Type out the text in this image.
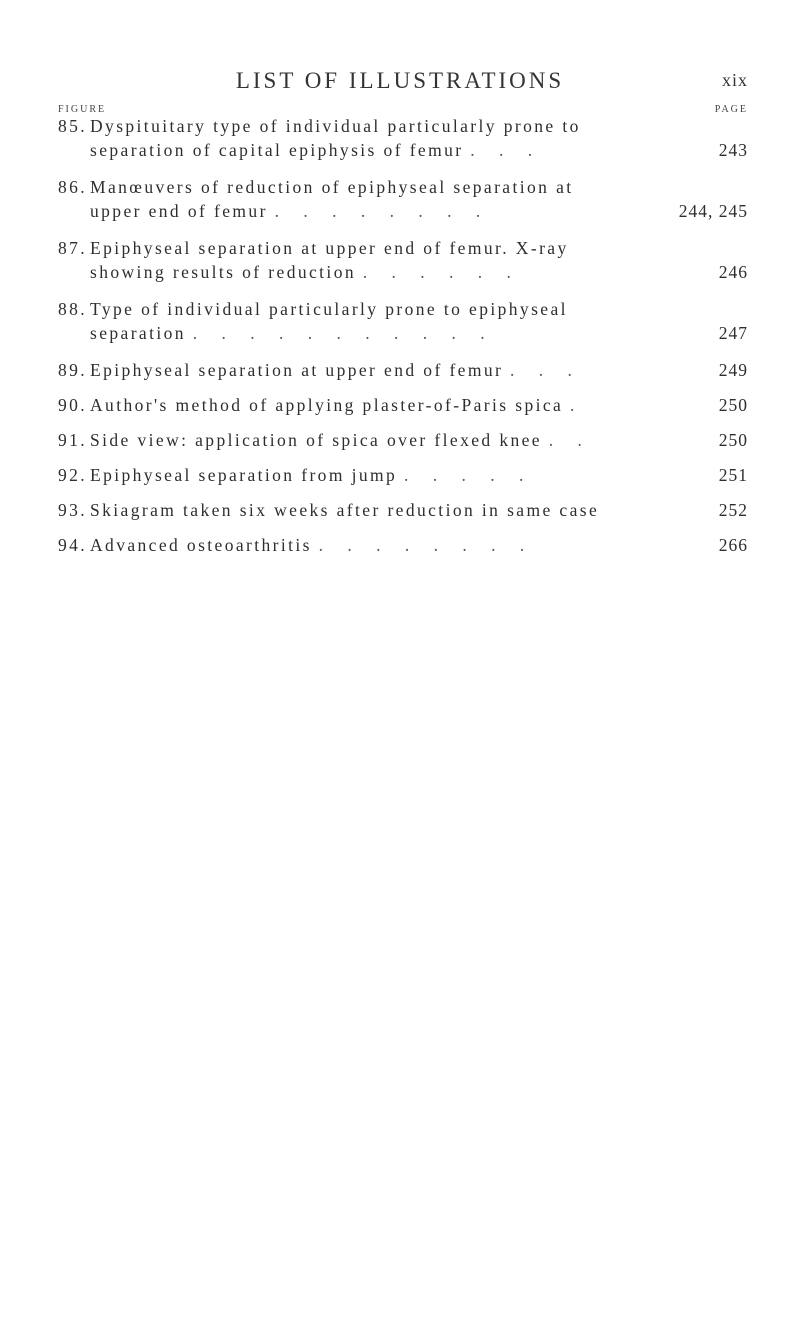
LIST OF ILLUSTRATIONS	xix
FIGURE	PAGE
85. Dyspituitary type of individual particularly prone to
separation of capital epiphysis of femur . . .	243
86. Manœuvers of reduction of epiphyseal separation at
upper end of femur . . . . . . . .	244, 245
87. Epiphyseal separation at upper end of femur. X-ray
showing results of reduction . . . . . .	246
88. Type of individual particularly prone to epiphyseal
separation . . . . . . . . . . .	247
89. Epiphyseal separation at upper end of femur . . .	249
90. Author's method of applying plaster-of-Paris spica .	250
91. Side view: application of spica over flexed knee . .	250
92. Epiphyseal separation from jump . . . . .	251
93. Skiagram taken six weeks after reduction in same case	252
94. Advanced osteoarthritis . . . . . . . .	266
